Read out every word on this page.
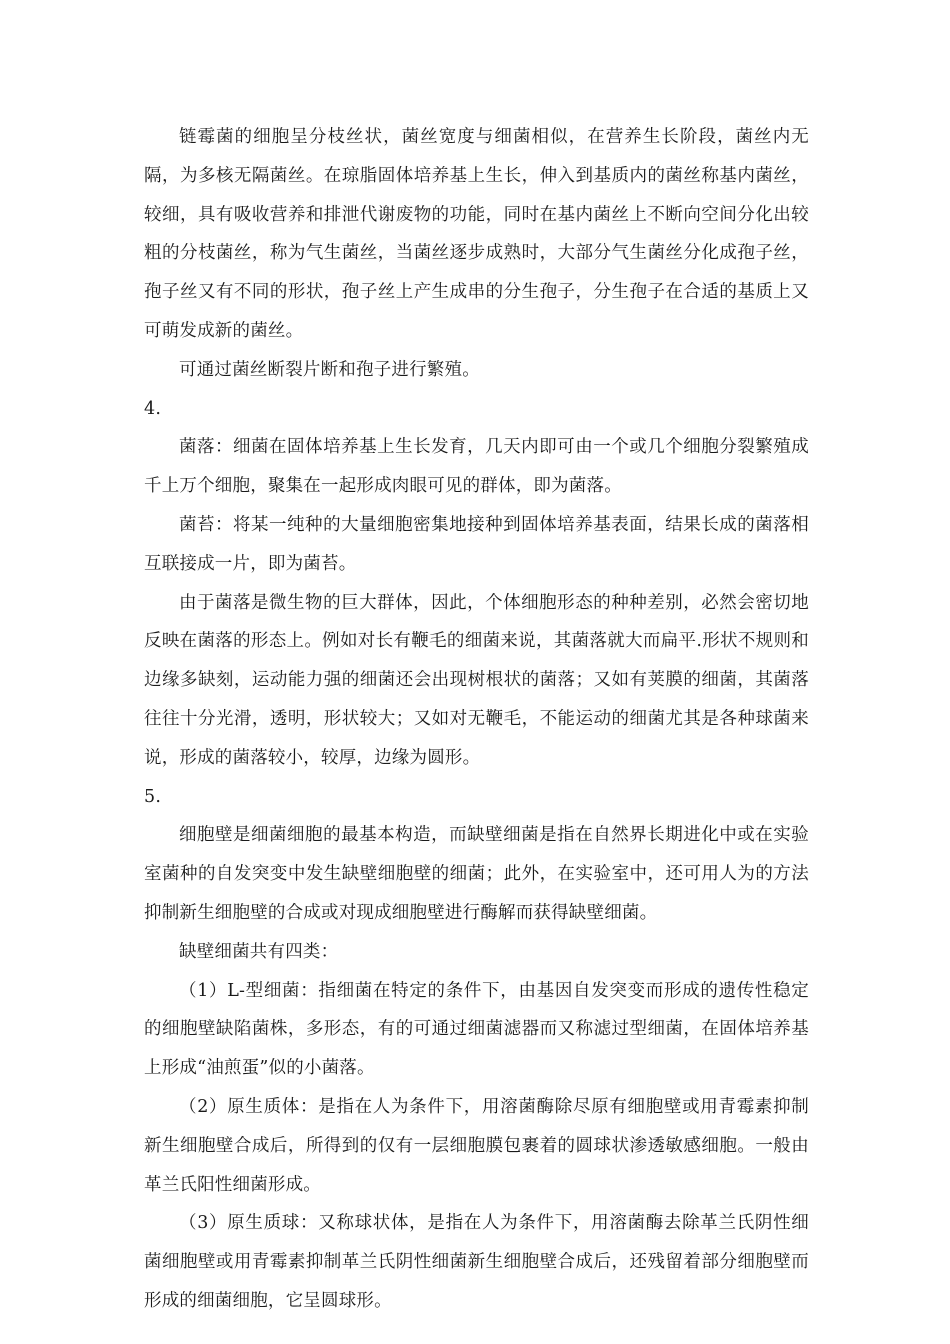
链霉菌的细胞呈分枝丝状，菌丝宽度与细菌相似，在营养生长阶段，菌丝内无隔，为多核无隔菌丝。在琼脂固体培养基上生长，伸入到基质内的菌丝称基内菌丝，较细，具有吸收营养和排泄代谢废物的功能，同时在基内菌丝上不断向空间分化出较粗的分枝菌丝，称为气生菌丝，当菌丝逐步成熟时，大部分气生菌丝分化成孢子丝，孢子丝又有不同的形状，孢子丝上产生成串的分生孢子，分生孢子在合适的基质上又可萌发成新的菌丝。

可通过菌丝断裂片断和孢子进行繁殖。

4.

菌落：细菌在固体培养基上生长发育，几天内即可由一个或几个细胞分裂繁殖成千上万个细胞，聚集在一起形成肉眼可见的群体，即为菌落。

菌苔：将某一纯种的大量细胞密集地接种到固体培养基表面，结果长成的菌落相互联接成一片，即为菌苔。

由于菌落是微生物的巨大群体，因此，个体细胞形态的种种差别，必然会密切地反映在菌落的形态上。例如对长有鞭毛的细菌来说，其菌落就大而扁平.形状不规则和边缘多缺刻，运动能力强的细菌还会出现树根状的菌落；又如有荚膜的细菌，其菌落往往十分光滑，透明，形状较大；又如对无鞭毛，不能运动的细菌尤其是各种球菌来说，形成的菌落较小，较厚，边缘为圆形。

5.

细胞壁是细菌细胞的最基本构造，而缺壁细菌是指在自然界长期进化中或在实验室菌种的自发突变中发生缺壁细胞壁的细菌；此外，在实验室中，还可用人为的方法抑制新生细胞壁的合成或对现成细胞壁进行酶解而获得缺壁细菌。

缺壁细菌共有四类：

（1）L-型细菌：指细菌在特定的条件下，由基因自发突变而形成的遗传性稳定的细胞壁缺陷菌株，多形态，有的可通过细菌滤器而又称滤过型细菌，在固体培养基上形成“油煎蛋”似的小菌落。

（2）原生质体：是指在人为条件下，用溶菌酶除尽原有细胞壁或用青霉素抑制新生细胞壁合成后，所得到的仅有一层细胞膜包裹着的圆球状渗透敏感细胞。一般由革兰氏阳性细菌形成。

（3）原生质球：又称球状体，是指在人为条件下，用溶菌酶去除革兰氏阴性细菌细胞壁或用青霉素抑制革兰氏阴性细菌新生细胞壁合成后，还残留着部分细胞壁而形成的细菌细胞，它呈圆球形。
